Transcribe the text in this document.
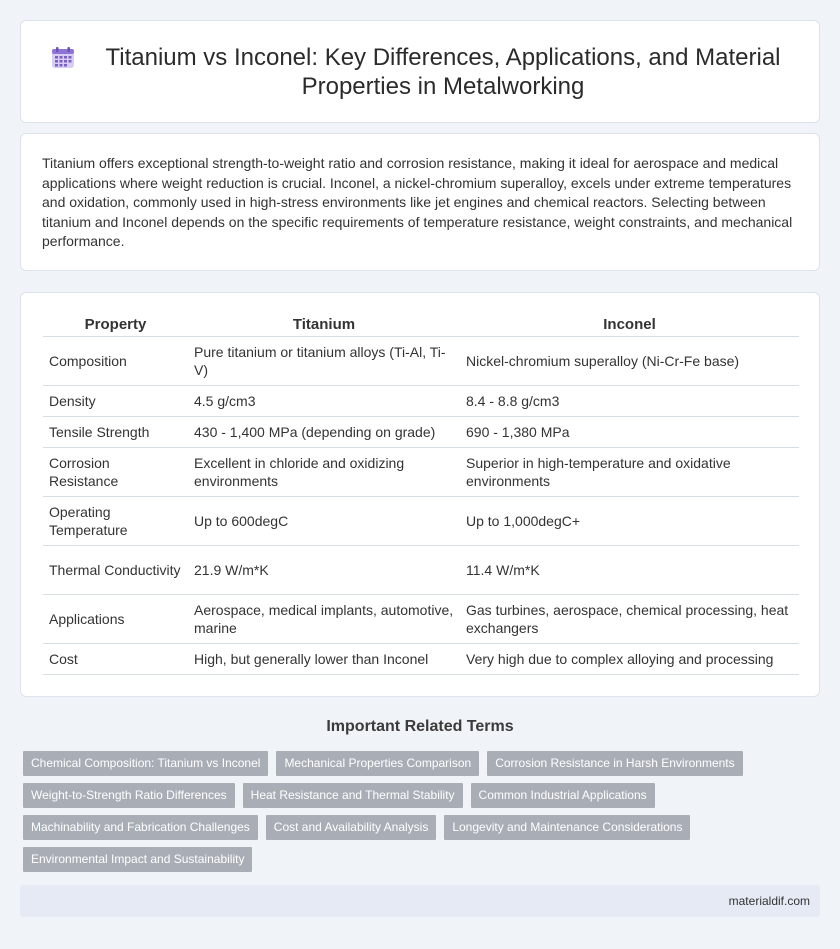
Titanium vs Inconel: Key Differences, Applications, and Material Properties in Metalworking

Titanium offers exceptional strength-to-weight ratio and corrosion resistance, making it ideal for aerospace and medical applications where weight reduction is crucial. Inconel, a nickel-chromium superalloy, excels under extreme temperatures and oxidation, commonly used in high-stress environments like jet engines and chemical reactors. Selecting between titanium and Inconel depends on the specific requirements of temperature resistance, weight constraints, and mechanical performance.

Property	Titanium	Inconel
Composition	Pure titanium or titanium alloys (Ti-Al, Ti-V)	Nickel-chromium superalloy (Ni-Cr-Fe base)
Density	4.5 g/cm3	8.4 - 8.8 g/cm3
Tensile Strength	430 - 1,400 MPa (depending on grade)	690 - 1,380 MPa
Corrosion Resistance	Excellent in chloride and oxidizing environments	Superior in high-temperature and oxidative environments
Operating Temperature	Up to 600degC	Up to 1,000degC+
Thermal Conductivity	21.9 W/m*K	11.4 W/m*K
Applications	Aerospace, medical implants, automotive, marine	Gas turbines, aerospace, chemical processing, heat exchangers
Cost	High, but generally lower than Inconel	Very high due to complex alloying and processing
Important Related Terms
Chemical Composition: Titanium vs Inconel	Mechanical Properties Comparison	Corrosion Resistance in Harsh Environments
Weight-to-Strength Ratio Differences	Heat Resistance and Thermal Stability	Common Industrial Applications
Machinability and Fabrication Challenges	Cost and Availability Analysis	Longevity and Maintenance Considerations
Environmental Impact and Sustainability
materialdif.com
